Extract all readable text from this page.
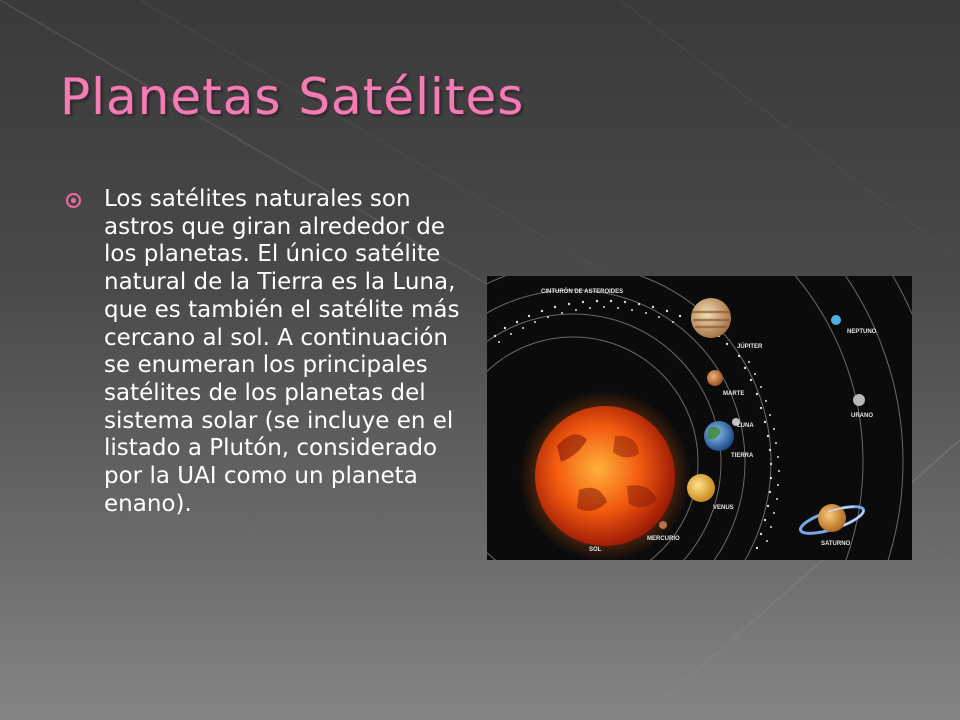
Planetas Satélites

Los satélites naturales son astros que giran alrededor de los planetas. El único satélite natural de la Tierra es la Luna, que es también el satélite más cercano al sol. A continuación se enumeran los principales satélites de los planetas del sistema solar (se incluye en el listado a Plutón, considerado por la UAI como un planeta enano).

CINTURÓN DE ASTEROIDES
JÚPITER
NEPTUNO
MARTE
URANO
LUNA
TIERRA
VENUS
MERCURIO
SATURNO
SOL
